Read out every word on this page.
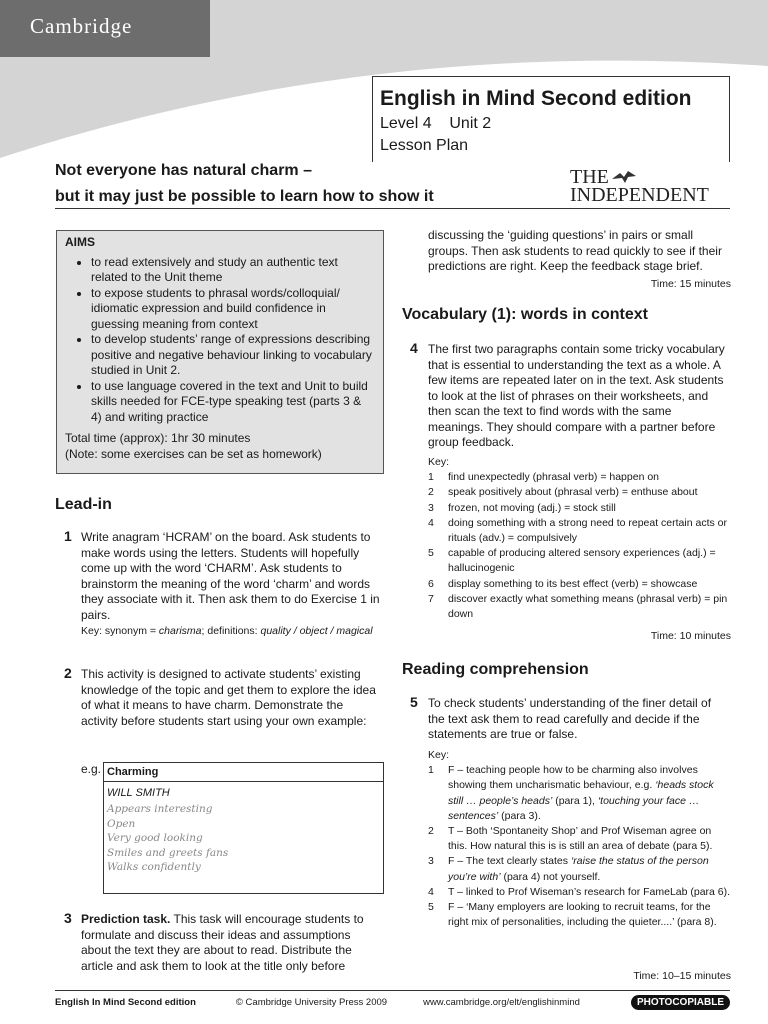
Cambridge
English in Mind Second edition
Level 4    Unit 2
Lesson Plan
Not everyone has natural charm –
but it may just be possible to learn how to show it
THE
INDEPENDENT
AIMS
• to read extensively and study an authentic text related to the Unit theme
• to expose students to phrasal words/colloquial/ idiomatic expression and build confidence in guessing meaning from context
• to develop students’ range of expressions describing positive and negative behaviour linking to vocabulary studied in Unit 2.
• to use language covered in the text and Unit to build skills needed for FCE-type speaking test (parts 3 & 4) and writing practice
Total time (approx): 1hr 30 minutes
(Note: some exercises can be set as homework)
Lead-in
1 Write anagram ‘HCRAM’ on the board. Ask students to make words using the letters. Students will hopefully come up with the word ‘CHARM’. Ask students to brainstorm the meaning of the word ‘charm’ and words they associate with it. Then ask them to do Exercise 1 in pairs.
Key: synonym = charisma; definitions: quality / object / magical
2 This activity is designed to activate students’ existing knowledge of the topic and get them to explore the idea of what it means to have charm. Demonstrate the activity before students start using your own example:
e.g. Charming
WILL SMITH
Appears interesting
Open
Very good looking
Smiles and greets fans
Walks confidently
3 Prediction task. This task will encourage students to formulate and discuss their ideas and assumptions about the text they are about to read. Distribute the article and ask them to look at the title only before
discussing the ‘guiding questions’ in pairs or small groups. Then ask students to read quickly to see if their predictions are right. Keep the feedback stage brief.
Time: 15 minutes
Vocabulary (1): words in context
4 The first two paragraphs contain some tricky vocabulary that is essential to understanding the text as a whole. A few items are repeated later on in the text. Ask students to look at the list of phrases on their worksheets, and then scan the text to find words with the same meanings. They should compare with a partner before group feedback.
Key:
1	find unexpectedly (phrasal verb) = happen on
2	speak positively about (phrasal verb) = enthuse about
3	frozen, not moving (adj.) = stock still
4	doing something with a strong need to repeat certain acts or rituals (adv.) = compulsively
5	capable of producing altered sensory experiences (adj.) = hallucinogenic
6	display something to its best effect (verb) = showcase
7	discover exactly what something means (phrasal verb) = pin down
Time: 10 minutes
Reading comprehension
5 To check students’ understanding of the finer detail of the text ask them to read carefully and decide if the statements are true or false.
Key:
1	F – teaching people how to be charming also involves showing them uncharismatic behaviour, e.g. ‘heads stock still … people’s heads’ (para 1), ‘touching your face … sentences’ (para 3).
2	T – Both ‘Spontaneity Shop’ and Prof Wiseman agree on this. How natural this is is still an area of debate (para 5).
3	F – The text clearly states ‘raise the status of the person you’re with’ (para 4) not yourself.
4	T – linked to Prof Wiseman’s research for FameLab (para 6).
5	F – ‘Many employers are looking to recruit teams, for the right mix of personalities, including the quieter....’ (para 8).
Time: 10–15 minutes
English In Mind Second edition	© Cambridge University Press 2009	www.cambridge.org/elt/englishinmind	PHOTOCOPIABLE
